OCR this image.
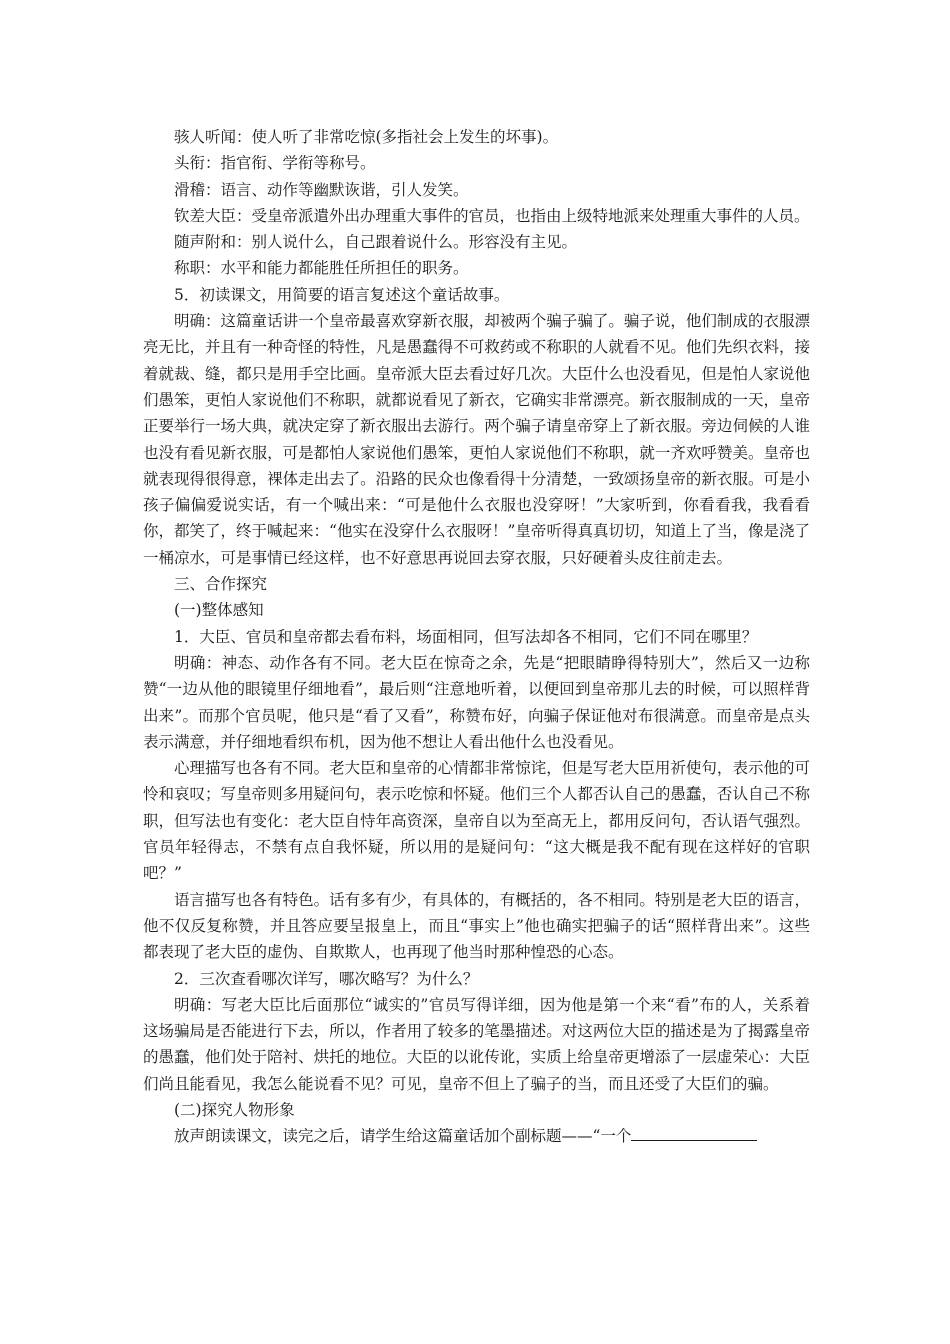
骇人听闻：使人听了非常吃惊(多指社会上发生的坏事)。

头衔：指官衔、学衔等称号。

滑稽：语言、动作等幽默诙谐，引人发笑。

钦差大臣：受皇帝派遣外出办理重大事件的官员，也指由上级特地派来处理重大事件的人员。

随声附和：别人说什么，自己跟着说什么。形容没有主见。

称职：水平和能力都能胜任所担任的职务。

5．初读课文，用简要的语言复述这个童话故事。

明确：这篇童话讲一个皇帝最喜欢穿新衣服，却被两个骗子骗了。骗子说，他们制成的衣服漂亮无比，并且有一种奇怪的特性，凡是愚蠢得不可救药或不称职的人就看不见。他们先织衣料，接着就裁、缝，都只是用手空比画。皇帝派大臣去看过好几次。大臣什么也没看见，但是怕人家说他们愚笨，更怕人家说他们不称职，就都说看见了新衣，它确实非常漂亮。新衣服制成的一天，皇帝正要举行一场大典，就决定穿了新衣服出去游行。两个骗子请皇帝穿上了新衣服。旁边伺候的人谁也没有看见新衣服，可是都怕人家说他们愚笨，更怕人家说他们不称职，就一齐欢呼赞美。皇帝也就表现得很得意，裸体走出去了。沿路的民众也像看得十分清楚，一致颂扬皇帝的新衣服。可是小孩子偏偏爱说实话，有一个喊出来：“可是他什么衣服也没穿呀！”大家听到，你看看我，我看看你，都笑了，终于喊起来：“他实在没穿什么衣服呀！”皇帝听得真真切切，知道上了当，像是浇了一桶凉水，可是事情已经这样，也不好意思再说回去穿衣服，只好硬着头皮往前走去。

三、合作探究

(一)整体感知

1．大臣、官员和皇帝都去看布料，场面相同，但写法却各不相同，它们不同在哪里？

明确：神态、动作各有不同。老大臣在惊奇之余，先是“把眼睛睁得特别大”，然后又一边称赞“一边从他的眼镜里仔细地看”，最后则“注意地听着，以便回到皇帝那儿去的时候，可以照样背出来”。而那个官员呢，他只是“看了又看”，称赞布好，向骗子保证他对布很满意。而皇帝是点头表示满意，并仔细地看织布机，因为他不想让人看出他什么也没看见。

心理描写也各有不同。老大臣和皇帝的心情都非常惊诧，但是写老大臣用祈使句，表示他的可怜和哀叹；写皇帝则多用疑问句，表示吃惊和怀疑。他们三个人都否认自己的愚蠢，否认自己不称职，但写法也有变化：老大臣自恃年高资深，皇帝自以为至高无上，都用反问句，否认语气强烈。官员年轻得志，不禁有点自我怀疑，所以用的是疑问句：“这大概是我不配有现在这样好的官职吧？”

语言描写也各有特色。话有多有少，有具体的，有概括的，各不相同。特别是老大臣的语言，他不仅反复称赞，并且答应要呈报皇上，而且“事实上”他也确实把骗子的话“照样背出来”。这些都表现了老大臣的虚伪、自欺欺人，也再现了他当时那种惶恐的心态。

2．三次查看哪次详写，哪次略写？为什么？

明确：写老大臣比后面那位“诚实的”官员写得详细，因为他是第一个来“看”布的人，关系着这场骗局是否能进行下去，所以，作者用了较多的笔墨描述。对这两位大臣的描述是为了揭露皇帝的愚蠢，他们处于陪衬、烘托的地位。大臣的以讹传讹，实质上给皇帝更增添了一层虚荣心：大臣们尚且能看见，我怎么能说看不见？可见，皇帝不但上了骗子的当，而且还受了大臣们的骗。

(二)探究人物形象

放声朗读课文，读完之后，请学生给这篇童话加个副标题——“一个
